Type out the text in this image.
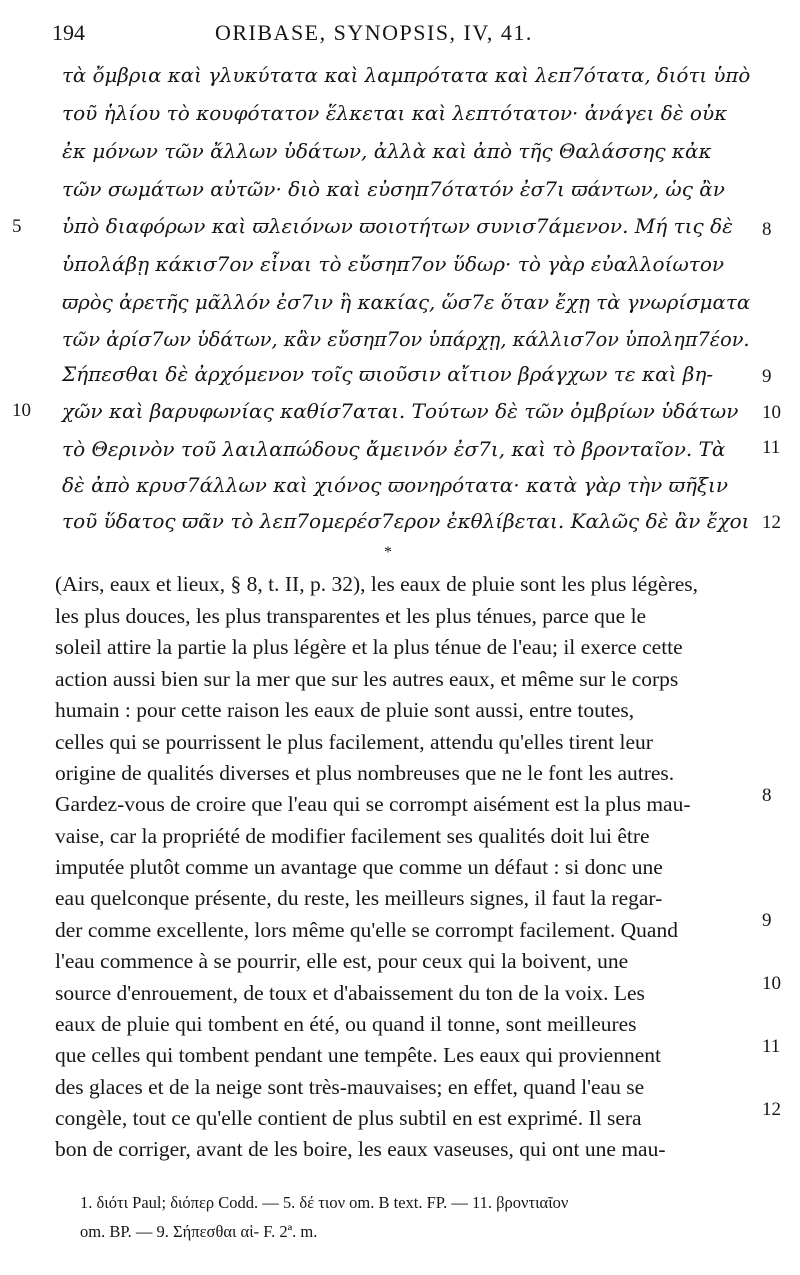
194	ORIBASE, SYNOPSIS, IV, 41.
τὰ ὄμβρια καὶ γλυκύτατα καὶ λαμπρότατα καὶ λεπ7ότατα, διότι ὑπὸ
τοῦ ἡλίου τὸ κουφότατον ἕλκεται καὶ λεπτότατον· ἀνάγει δὲ οὐκ
ἐκ μόνων τῶν ἄλλων ὑδάτων, ἀλλὰ καὶ ἀπὸ τῆς Θαλάσσης κἀκ
τῶν σωμάτων αὐτῶν· διὸ καὶ εὐσηπ7ότατόν ἐσ7ι ϖάντων, ὡς ἂν
ὑπὸ διαφόρων καὶ ϖλειόνων ϖοιοτήτων συνισ7άμενον. Μή τις δὲ
ὑπολάβῃ κάκισ7ον εἶναι τὸ εὔσηπ7ον ὕδωρ· τὸ γὰρ εὐαλλοίωτον
ϖρὸς ἀρετῆς μᾶλλόν ἐσ7ιν ἢ κακίας, ὥσ7ε ὅταν ἔχῃ τὰ γνωρίσματα
τῶν ἀρίσ7ων ὑδάτων, κἂν εὔσηπ7ον ὑπάρχῃ, κάλλισ7ον ὑποληπ7έον.
Σήπεσθαι δὲ ἀρχόμενον τοῖς ϖιοῦσιν αἴτιον βράγχων τε καὶ βη-
χῶν καὶ βαρυφωνίας καθίσ7αται. Τούτων δὲ τῶν ὀμβρίων ὑδάτων
τὸ Θερινὸν τοῦ λαιλαπώδους ἄμεινόν ἐσ7ι, καὶ τὸ βρονταῖον. Τὰ
δὲ ἀπὸ κρυσ7άλλων καὶ χιόνος ϖονηρότατα· κατὰ γὰρ τὴν ϖῆξιν
τοῦ ὕδατος ϖᾶν τὸ λεπ7ομερέσ7ερον ἐκθλίβεται. Καλῶς δὲ ἂν ἔχοι
5
10
8
9
10
11
12
*
(Airs, eaux et lieux, § 8, t. II, p. 32), les eaux de pluie sont les plus légères,
les plus douces, les plus transparentes et les plus ténues, parce que le
soleil attire la partie la plus légère et la plus ténue de l'eau; il exerce cette
action aussi bien sur la mer que sur les autres eaux, et même sur le corps
humain : pour cette raison les eaux de pluie sont aussi, entre toutes,
celles qui se pourrissent le plus facilement, attendu qu'elles tirent leur
origine de qualités diverses et plus nombreuses que ne le font les autres.
Gardez-vous de croire que l'eau qui se corrompt aisément est la plus mau-
vaise, car la propriété de modifier facilement ses qualités doit lui être
imputée plutôt comme un avantage que comme un défaut : si donc une
eau quelconque présente, du reste, les meilleurs signes, il faut la regar-
der comme excellente, lors même qu'elle se corrompt facilement. Quand
l'eau commence à se pourrir, elle est, pour ceux qui la boivent, une
source d'enrouement, de toux et d'abaissement du ton de la voix. Les
eaux de pluie qui tombent en été, ou quand il tonne, sont meilleures
que celles qui tombent pendant une tempête. Les eaux qui proviennent
des glaces et de la neige sont très-mauvaises; en effet, quand l'eau se
congèle, tout ce qu'elle contient de plus subtil en est exprimé. Il sera
bon de corriger, avant de les boire, les eaux vaseuses, qui ont une mau-
8
9
10
11
12
1. διότι Paul; διόπερ Codd. — 5. δέ τιον om. B text. FP. — 11. βροντιαῖον
om. BP. — 9. Σήπεσθαι αἱ- F. 2ª. m.
